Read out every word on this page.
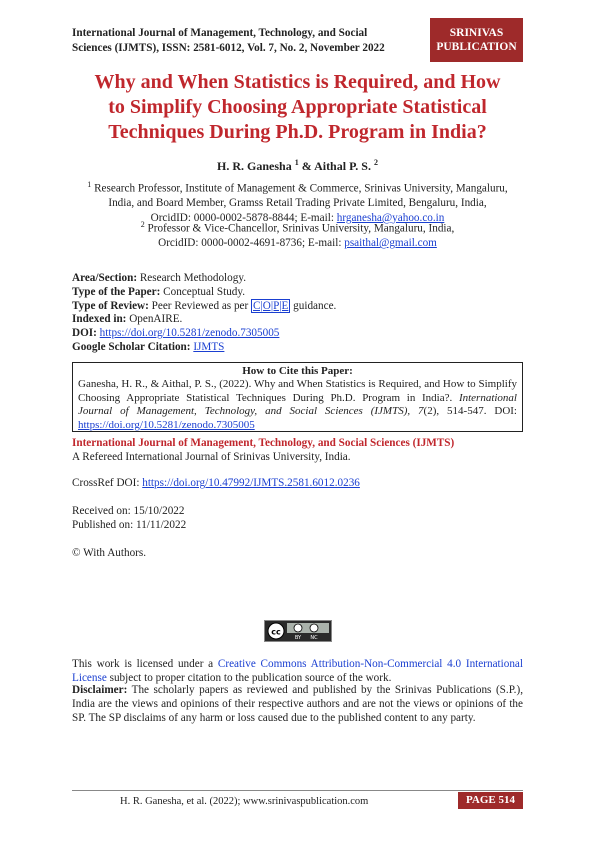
International Journal of Management, Technology, and Social
Sciences (IJMTS), ISSN: 2581-6012, Vol. 7, No. 2, November 2022
SRINIVAS
PUBLICATION
Why and When Statistics is Required, and How
to Simplify Choosing Appropriate Statistical
Techniques During Ph.D. Program in India?
H. R. Ganesha $^1$ & Aithal P. S. $^2$
$^1$ Research Professor, Institute of Management & Commerce, Srinivas University, Mangaluru,
India, and Board Member, Gramss Retail Trading Private Limited, Bengaluru, India,
OrcidID: 0000-0002-5878-8844; E-mail: hrganesha@yahoo.co.in
$^2$ Professor & Vice-Chancellor, Srinivas University, Mangaluru, India,
OrcidID: 0000-0002-4691-8736; E-mail: psaithal@gmail.com
Area/Section: Research Methodology.
Type of the Paper: Conceptual Study.
Type of Review: Peer Reviewed as per C|O|P|E guidance.
Indexed in: OpenAIRE.
DOI: https://doi.org/10.5281/zenodo.7305005
Google Scholar Citation: IJMTS
How to Cite this Paper:
Ganesha, H. R., & Aithal, P. S., (2022). Why and When Statistics is Required, and How to Simplify Choosing Appropriate Statistical Techniques During Ph.D. Program in India?. International Journal of Management, Technology, and Social Sciences (IJMTS), 7(2), 514-547. DOI: https://doi.org/10.5281/zenodo.7305005
International Journal of Management, Technology, and Social Sciences (IJMTS)
A Refereed International Journal of Srinivas University, India.
CrossRef DOI: https://doi.org/10.47992/IJMTS.2581.6012.0236
Received on: 15/10/2022
Published on: 11/11/2022
© With Authors.
cc
BY NC
This work is licensed under a Creative Commons Attribution-Non-Commercial 4.0 International License subject to proper citation to the publication source of the work.
Disclaimer: The scholarly papers as reviewed and published by the Srinivas Publications (S.P.), India are the views and opinions of their respective authors and are not the views or opinions of the SP. The SP disclaims of any harm or loss caused due to the published content to any party.
H. R. Ganesha, et al. (2022); www.srinivaspublication.com	PAGE 514
